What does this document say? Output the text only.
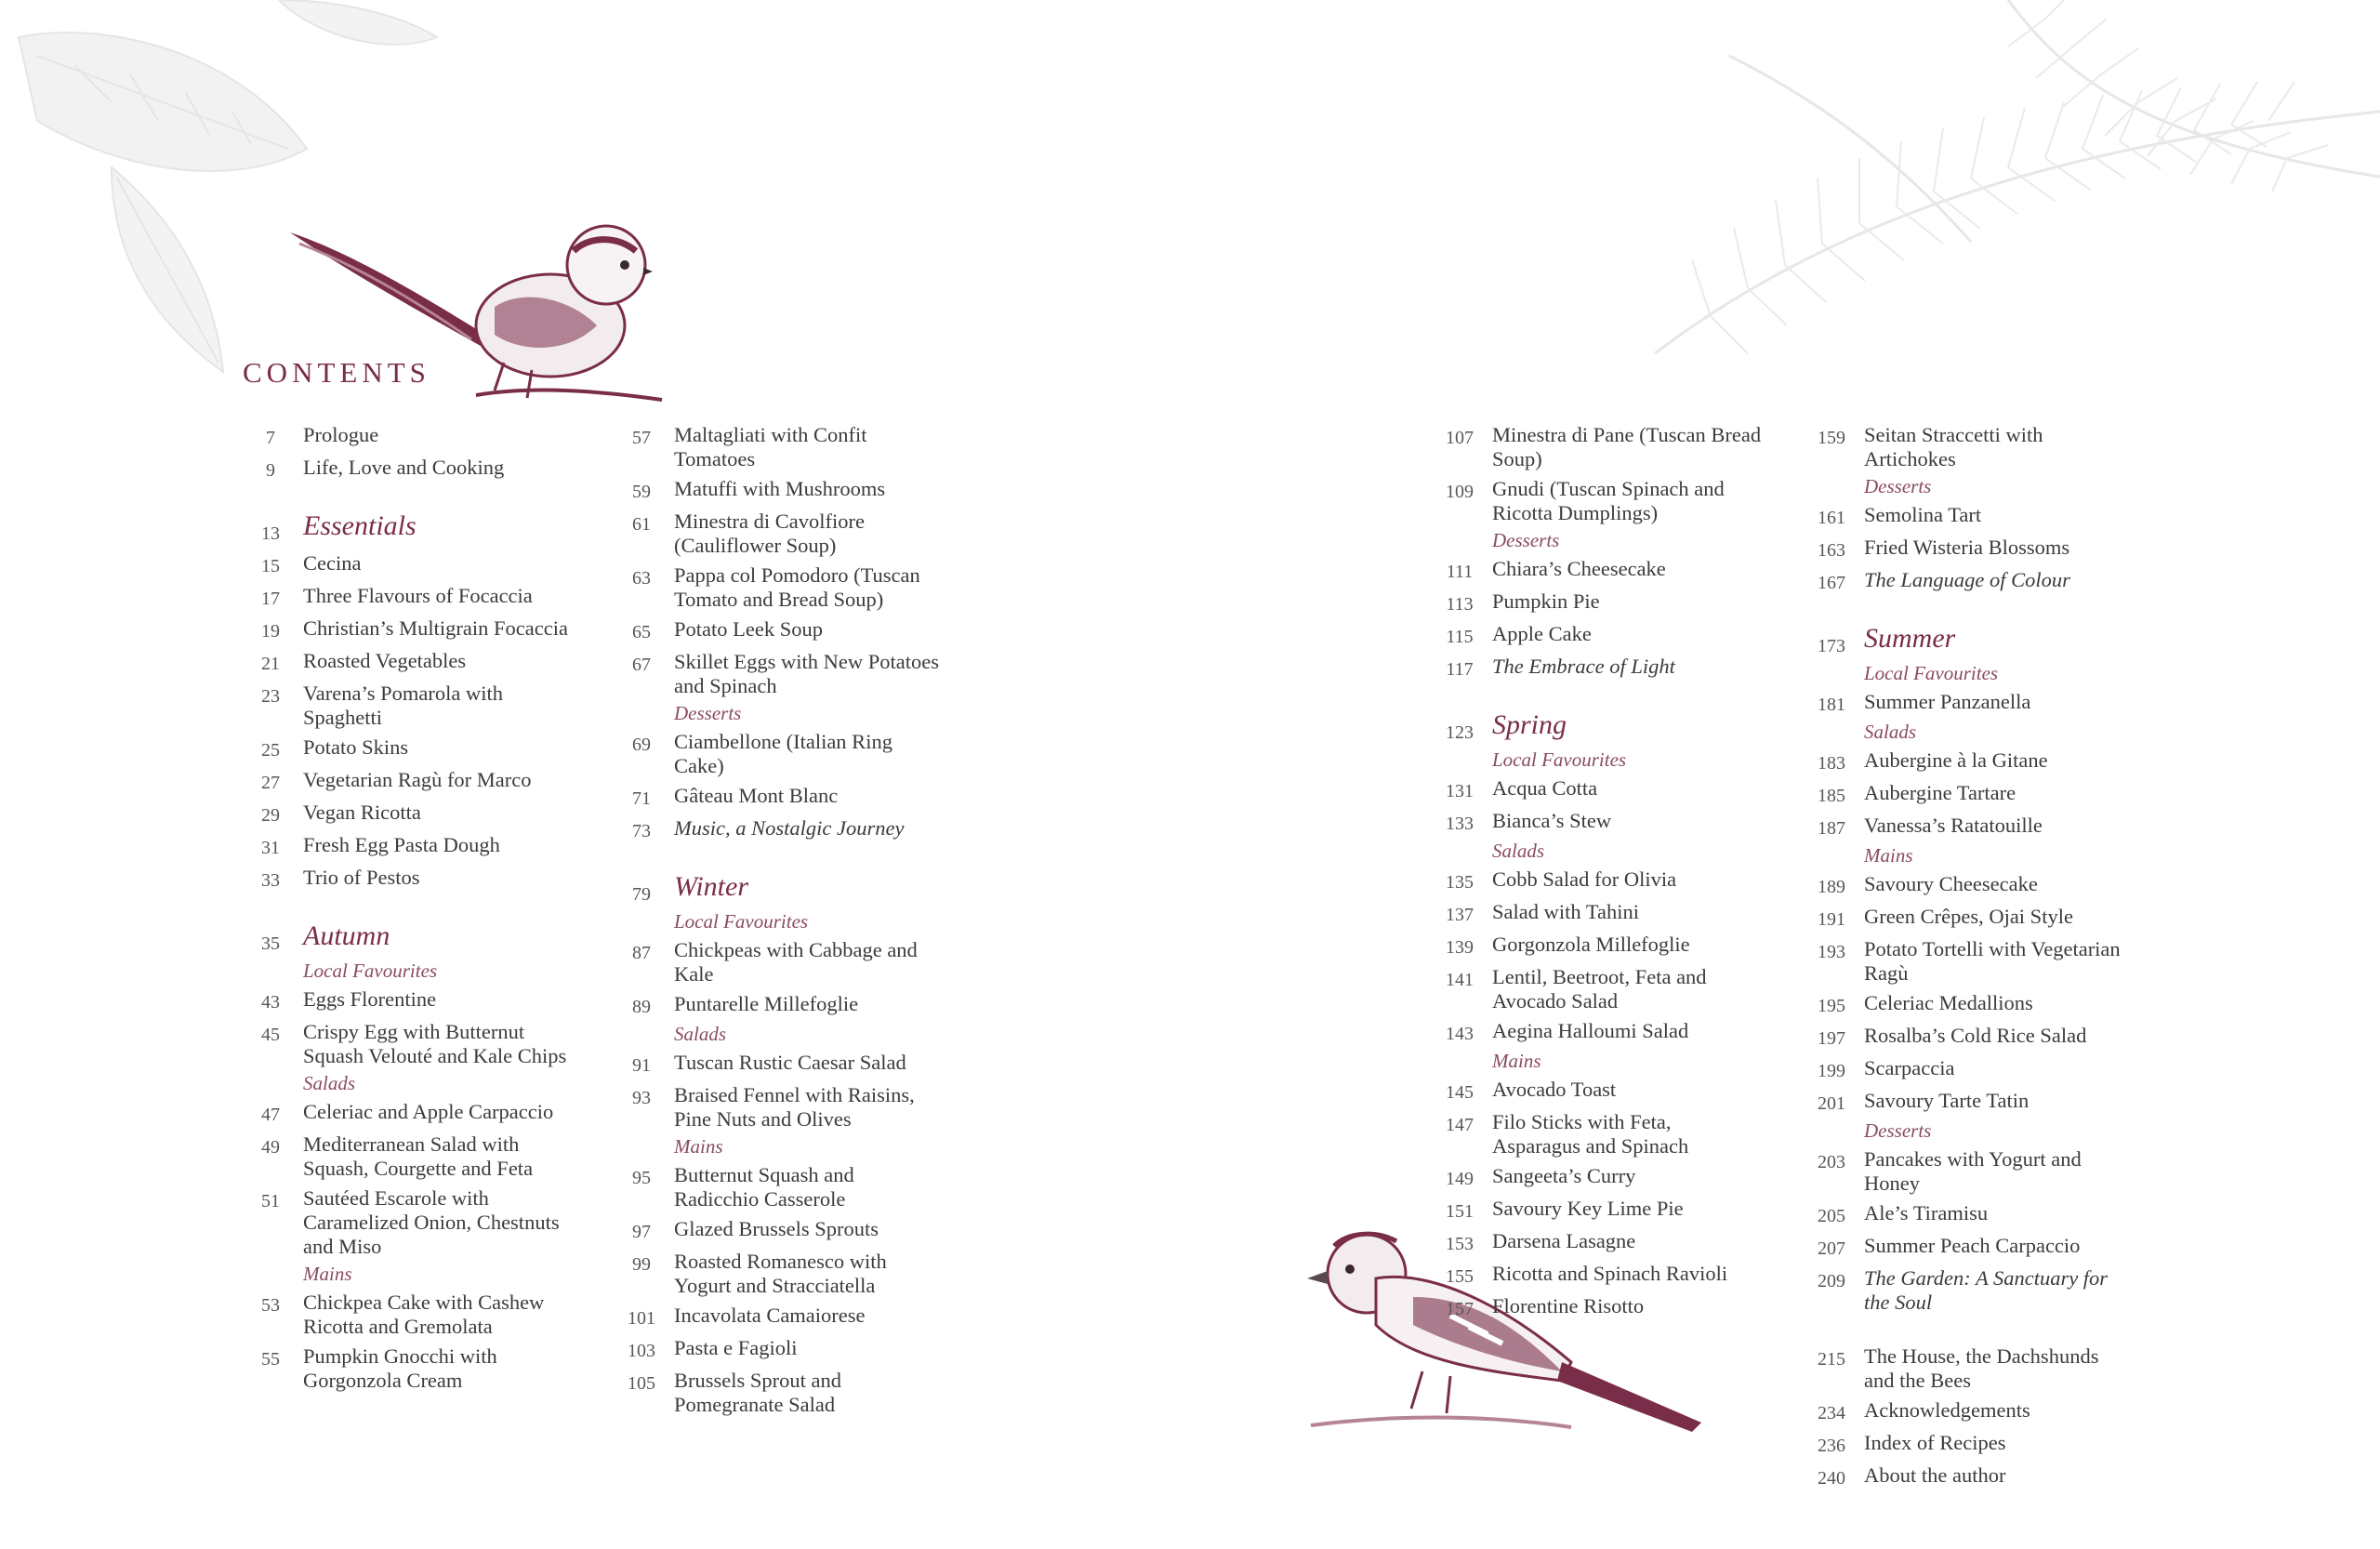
CONTENTS
7	Prologue
9	Life, Love and Cooking
13 Essentials
15	Cecina
17	Three Flavours of Focaccia
19	Christian’s Multigrain Focaccia
21	Roasted Vegetables
23	Varena’s Pomarola with Spaghetti
25	Potato Skins
27	Vegetarian Ragù for Marco
29	Vegan Ricotta
31	Fresh Egg Pasta Dough
33	Trio of Pestos
35 Autumn
Local Favourites
43	Eggs Florentine
45	Crispy Egg with Butternut Squash Velouté and Kale Chips
Salads
47	Celeriac and Apple Carpaccio
49	Mediterranean Salad with Squash, Courgette and Feta
51	Sautéed Escarole with Caramelized Onion, Chestnuts and Miso
Mains
53	Chickpea Cake with Cashew Ricotta and Gremolata
55	Pumpkin Gnocchi with Gorgonzola Cream
57	Maltagliati with Confit Tomatoes
59	Matuffi with Mushrooms
61	Minestra di Cavolfiore (Cauliflower Soup)
63	Pappa col Pomodoro (Tuscan Tomato and Bread Soup)
65	Potato Leek Soup
67	Skillet Eggs with New Potatoes and Spinach
Desserts
69	Ciambellone (Italian Ring Cake)
71	Gâteau Mont Blanc
73	Music, a Nostalgic Journey
79 Winter
Local Favourites
87	Chickpeas with Cabbage and Kale
89	Puntarelle Millefoglie
Salads
91	Tuscan Rustic Caesar Salad
93	Braised Fennel with Raisins, Pine Nuts and Olives
Mains
95	Butternut Squash and Radicchio Casserole
97	Glazed Brussels Sprouts
99	Roasted Romanesco with Yogurt and Stracciatella
101 Incavolata Camaiorese
103 Pasta e Fagioli
105 Brussels Sprout and Pomegranate Salad
107 Minestra di Pane (Tuscan Bread Soup)
109 Gnudi (Tuscan Spinach and Ricotta Dumplings)
Desserts
111 Chiara’s Cheesecake
113 Pumpkin Pie
115 Apple Cake
117 The Embrace of Light
123 Spring
Local Favourites
131 Acqua Cotta
133 Bianca’s Stew
Salads
135 Cobb Salad for Olivia
137 Salad with Tahini
139 Gorgonzola Millefoglie
141 Lentil, Beetroot, Feta and Avocado Salad
143 Aegina Halloumi Salad
Mains
145 Avocado Toast
147 Filo Sticks with Feta, Asparagus and Spinach
149 Sangeeta’s Curry
151 Savoury Key Lime Pie
153 Darsena Lasagne
155 Ricotta and Spinach Ravioli
157 Florentine Risotto
159 Seitan Straccetti with Artichokes
Desserts
161 Semolina Tart
163 Fried Wisteria Blossoms
167 The Language of Colour
173 Summer
Local Favourites
181 Summer Panzanella
Salads
183 Aubergine à la Gitane
185 Aubergine Tartare
187 Vanessa’s Ratatouille
Mains
189 Savoury Cheesecake
191 Green Crêpes, Ojai Style
193 Potato Tortelli with Vegetarian Ragù
195 Celeriac Medallions
197 Rosalba’s Cold Rice Salad
199 Scarpaccia
201 Savoury Tarte Tatin
Desserts
203 Pancakes with Yogurt and Honey
205 Ale’s Tiramisu
207 Summer Peach Carpaccio
209 The Garden: A Sanctuary for the Soul
215 The House, the Dachshunds and the Bees
234 Acknowledgements
236 Index of Recipes
240 About the author
